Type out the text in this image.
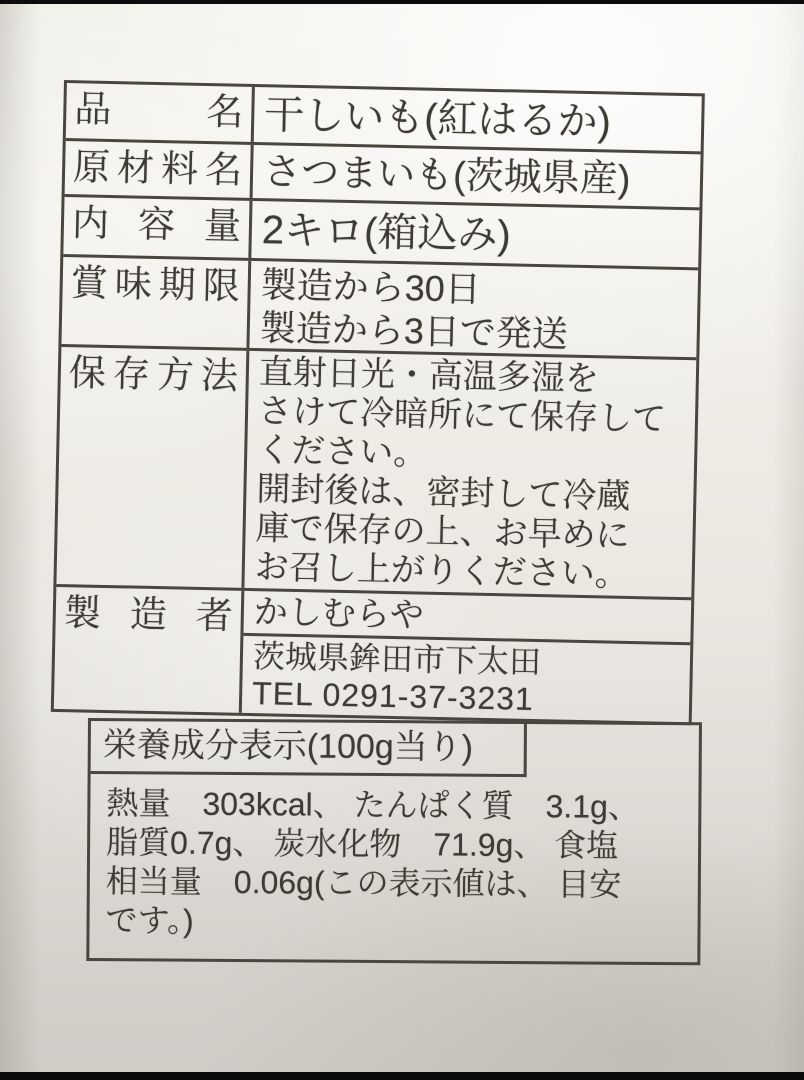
品名 干しいも(紅はるか)
原材料名 さつまいも(茨城県産)
内容量 2キロ(箱込み)
賞味期限 製造から30日
製造から3日で発送
保存方法 直射日光・高温多湿を
さけて冷暗所にて保存して
ください。
開封後は、密封して冷蔵
庫で保存の上、お早めに
お召し上がりください。
製造者 かしむらや
茨城県鉾田市下太田
TEL 0291-37-3231
栄養成分表示(100g当り)
熱量　303kcal、 たんぱく質　3.1g、
脂質0.7g、 炭水化物　71.9g、 食塩
相当量　0.06g(この表示値は、 目安
です。)
